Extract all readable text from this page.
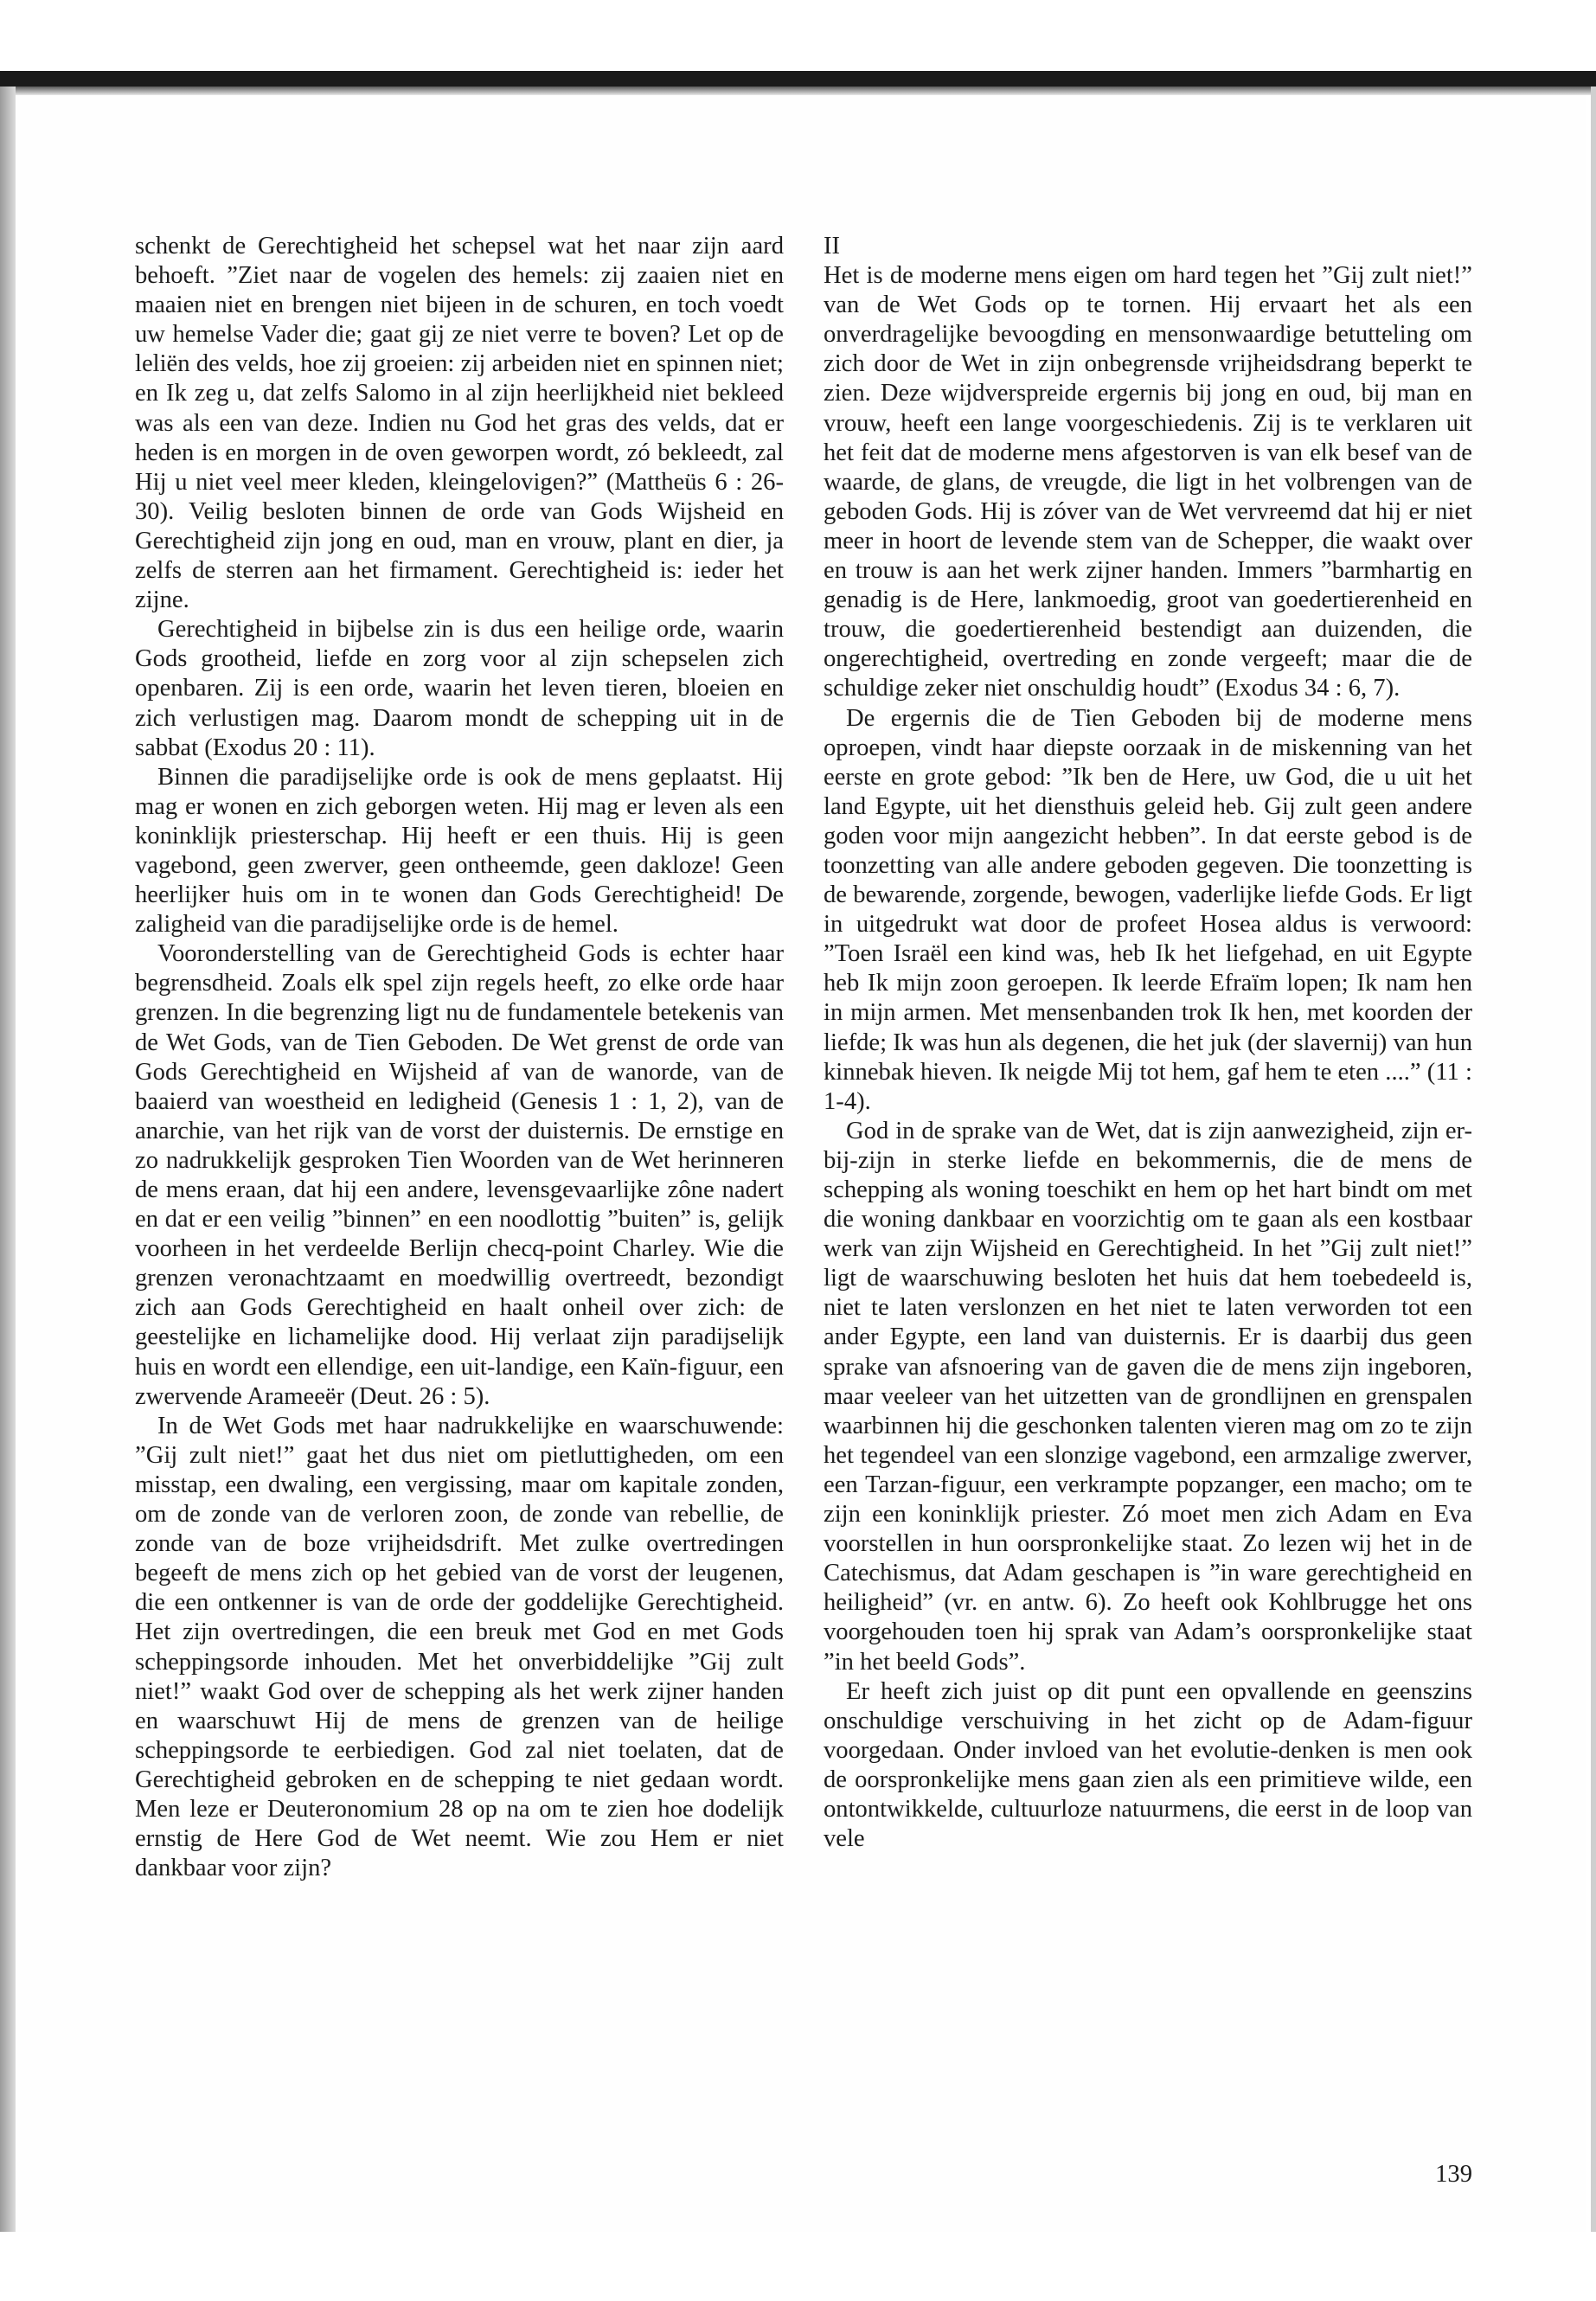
schenkt de Gerechtigheid het schepsel wat het naar zijn aard behoeft. ”Ziet naar de vogelen des hemels: zij zaaien niet en maaien niet en brengen niet bijeen in de schuren, en toch voedt uw hemelse Vader die; gaat gij ze niet verre te boven? Let op de leliën des velds, hoe zij groeien: zij arbeiden niet en spinnen niet; en Ik zeg u, dat zelfs Salomo in al zijn heerlijkheid niet bekleed was als een van deze. Indien nu God het gras des velds, dat er heden is en morgen in de oven geworpen wordt, zó bekleedt, zal Hij u niet veel meer kleden, kleingelovigen?” (Mattheüs 6 : 26-30). Veilig besloten binnen de orde van Gods Wijsheid en Gerechtigheid zijn jong en oud, man en vrouw, plant en dier, ja zelfs de sterren aan het firmament. Gerechtigheid is: ieder het zijne.

Gerechtigheid in bijbelse zin is dus een heilige orde, waarin Gods grootheid, liefde en zorg voor al zijn schepselen zich openbaren. Zij is een orde, waarin het leven tieren, bloeien en zich verlustigen mag. Daarom mondt de schepping uit in de sabbat (Exodus 20 : 11).

Binnen die paradijselijke orde is ook de mens geplaatst. Hij mag er wonen en zich geborgen weten. Hij mag er leven als een koninklijk priesterschap. Hij heeft er een thuis. Hij is geen vagebond, geen zwerver, geen ontheemde, geen dakloze! Geen heerlijker huis om in te wonen dan Gods Gerechtigheid! De zaligheid van die paradijselijke orde is de hemel.

Vooronderstelling van de Gerechtigheid Gods is echter haar begrensdheid. Zoals elk spel zijn regels heeft, zo elke orde haar grenzen. In die begrenzing ligt nu de fundamentele betekenis van de Wet Gods, van de Tien Geboden. De Wet grenst de orde van Gods Gerechtigheid en Wijsheid af van de wanorde, van de baaierd van woestheid en ledigheid (Genesis 1 : 1, 2), van de anarchie, van het rijk van de vorst der duisternis. De ernstige en zo nadrukkelijk gesproken Tien Woorden van de Wet herinneren de mens eraan, dat hij een andere, levensgevaarlijke zône nadert en dat er een veilig ”binnen” en een noodlottig ”buiten” is, gelijk voorheen in het verdeelde Berlijn checq-point Charley. Wie die grenzen veronachtzaamt en moedwillig overtreedt, bezondigt zich aan Gods Gerechtigheid en haalt onheil over zich: de geestelijke en lichamelijke dood. Hij verlaat zijn paradijselijk huis en wordt een ellendige, een uit-landige, een Kaïn-figuur, een zwervende Arameeër (Deut. 26 : 5).

In de Wet Gods met haar nadrukkelijke en waarschuwende: ”Gij zult niet!” gaat het dus niet om pietluttigheden, om een misstap, een dwaling, een vergissing, maar om kapitale zonden, om de zonde van de verloren zoon, de zonde van rebellie, de zonde van de boze vrijheidsdrift. Met zulke overtredingen begeeft de mens zich op het gebied van de vorst der leugenen, die een ontkenner is van de orde der goddelijke Gerechtigheid. Het zijn overtredingen, die een breuk met God en met Gods scheppingsorde inhouden. Met het onverbiddelijke ”Gij zult niet!” waakt God over de schepping als het werk zijner handen en waarschuwt Hij de mens de grenzen van de heilige scheppingsorde te eerbiedigen. God zal niet toelaten, dat de Gerechtigheid gebroken en de schepping te niet gedaan wordt. Men leze er Deuteronomium 28 op na om te zien hoe dodelijk ernstig de Here God de Wet neemt. Wie zou Hem er niet dankbaar voor zijn?

II

Het is de moderne mens eigen om hard tegen het ”Gij zult niet!” van de Wet Gods op te tornen. Hij ervaart het als een onverdragelijke bevoogding en mensonwaardige betutteling om zich door de Wet in zijn onbegrensde vrijheidsdrang beperkt te zien. Deze wijdverspreide ergernis bij jong en oud, bij man en vrouw, heeft een lange voorgeschiedenis. Zij is te verklaren uit het feit dat de moderne mens afgestorven is van elk besef van de waarde, de glans, de vreugde, die ligt in het volbrengen van de geboden Gods. Hij is zóver van de Wet vervreemd dat hij er niet meer in hoort de levende stem van de Schepper, die waakt over en trouw is aan het werk zijner handen. Immers ”barmhartig en genadig is de Here, lankmoedig, groot van goedertierenheid en trouw, die goedertierenheid bestendigt aan duizenden, die ongerechtigheid, overtreding en zonde vergeeft; maar die de schuldige zeker niet onschuldig houdt” (Exodus 34 : 6, 7).

De ergernis die de Tien Geboden bij de moderne mens oproepen, vindt haar diepste oorzaak in de miskenning van het eerste en grote gebod: ”Ik ben de Here, uw God, die u uit het land Egypte, uit het diensthuis geleid heb. Gij zult geen andere goden voor mijn aangezicht hebben”. In dat eerste gebod is de toonzetting van alle andere geboden gegeven. Die toonzetting is de bewarende, zorgende, bewogen, vaderlijke liefde Gods. Er ligt in uitgedrukt wat door de profeet Hosea aldus is verwoord: ”Toen Israël een kind was, heb Ik het liefgehad, en uit Egypte heb Ik mijn zoon geroepen. Ik leerde Efraïm lopen; Ik nam hen in mijn armen. Met mensenbanden trok Ik hen, met koorden der liefde; Ik was hun als degenen, die het juk (der slavernij) van hun kinnebak hieven. Ik neigde Mij tot hem, gaf hem te eten ....” (11 : 1-4).

God in de sprake van de Wet, dat is zijn aanwezigheid, zijn er-bij-zijn in sterke liefde en bekommernis, die de mens de schepping als woning toeschikt en hem op het hart bindt om met die woning dankbaar en voorzichtig om te gaan als een kostbaar werk van zijn Wijsheid en Gerechtigheid. In het ”Gij zult niet!” ligt de waarschuwing besloten het huis dat hem toebedeeld is, niet te laten verslonzen en het niet te laten verworden tot een ander Egypte, een land van duisternis. Er is daarbij dus geen sprake van afsnoering van de gaven die de mens zijn ingeboren, maar veeleer van het uitzetten van de grondlijnen en grenspalen waarbinnen hij die geschonken talenten vieren mag om zo te zijn het tegendeel van een slonzige vagebond, een armzalige zwerver, een Tarzan-figuur, een verkrampte popzanger, een macho; om te zijn een koninklijk priester. Zó moet men zich Adam en Eva voorstellen in hun oorspronkelijke staat. Zo lezen wij het in de Catechismus, dat Adam geschapen is ”in ware gerechtigheid en heiligheid” (vr. en antw. 6). Zo heeft ook Kohlbrugge het ons voorgehouden toen hij sprak van Adam’s oorspronkelijke staat ”in het beeld Gods”.

Er heeft zich juist op dit punt een opvallende en geenszins onschuldige verschuiving in het zicht op de Adam-figuur voorgedaan. Onder invloed van het evolutie-denken is men ook de oorspronkelijke mens gaan zien als een primitieve wilde, een ontontwikkelde, cultuurloze natuurmens, die eerst in de loop van vele

139
